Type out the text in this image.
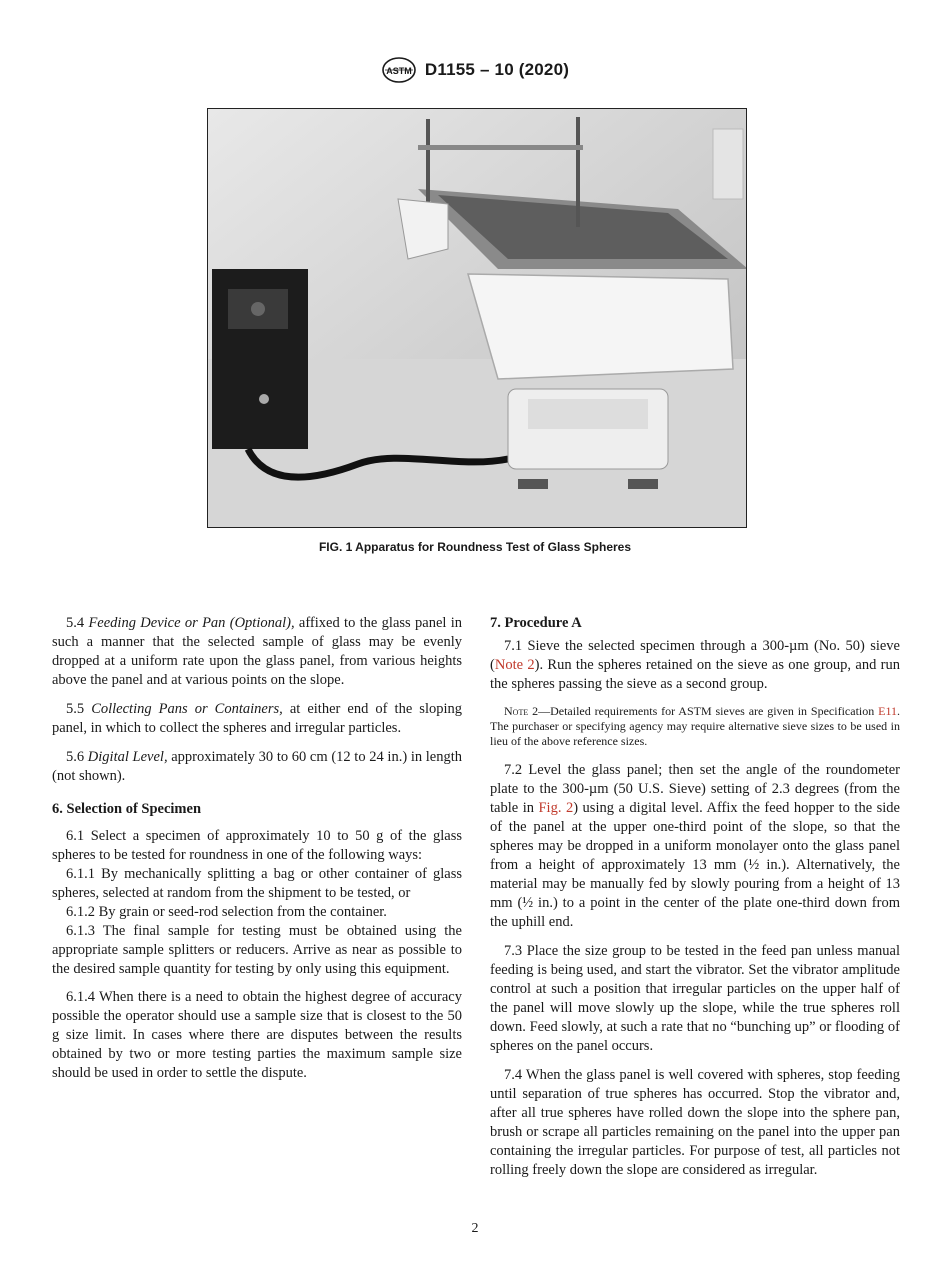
ASTM D1155 – 10 (2020)
FIG. 1 Apparatus for Roundness Test of Glass Spheres

5.4 Feeding Device or Pan (Optional), affixed to the glass panel in such a manner that the selected sample of glass may be evenly dropped at a uniform rate upon the glass panel, from various heights above the panel and at various points on the slope.

5.5 Collecting Pans or Containers, at either end of the sloping panel, in which to collect the spheres and irregular particles.

5.6 Digital Level, approximately 30 to 60 cm (12 to 24 in.) in length (not shown).

6. Selection of Specimen

6.1 Select a specimen of approximately 10 to 50 g of the glass spheres to be tested for roundness in one of the following ways:

6.1.1 By mechanically splitting a bag or other container of glass spheres, selected at random from the shipment to be tested, or

6.1.2 By grain or seed-rod selection from the container.

6.1.3 The final sample for testing must be obtained using the appropriate sample splitters or reducers. Arrive as near as possible to the desired sample quantity for testing by only using this equipment.

6.1.4 When there is a need to obtain the highest degree of accuracy possible the operator should use a sample size that is closest to the 50 g size limit. In cases where there are disputes between the results obtained by two or more testing parties the maximum sample size should be used in order to settle the dispute.

7. Procedure A

7.1 Sieve the selected specimen through a 300-µm (No. 50) sieve (Note 2). Run the spheres retained on the sieve as one group, and run the spheres passing the sieve as a second group.

Note 2—Detailed requirements for ASTM sieves are given in Specification E11. The purchaser or specifying agency may require alternative sieve sizes to be used in lieu of the above reference sizes.

7.2 Level the glass panel; then set the angle of the roundometer plate to the 300-µm (50 U.S. Sieve) setting of 2.3 degrees (from the table in Fig. 2) using a digital level. Affix the feed hopper to the side of the panel at the upper one-third point of the slope, so that the spheres may be dropped in a uniform monolayer onto the glass panel from a height of approximately 13 mm (½ in.). Alternatively, the material may be manually fed by slowly pouring from a height of 13 mm (½ in.) to a point in the center of the plate one-third down from the uphill end.

7.3 Place the size group to be tested in the feed pan unless manual feeding is being used, and start the vibrator. Set the vibrator amplitude control at such a position that irregular particles on the upper half of the panel will move slowly up the slope, while the true spheres roll down. Feed slowly, at such a rate that no “bunching up” or flooding of spheres on the panel occurs.

7.4 When the glass panel is well covered with spheres, stop feeding until separation of true spheres has occurred. Stop the vibrator and, after all true spheres have rolled down the slope into the sphere pan, brush or scrape all particles remaining on the panel into the upper pan containing the irregular particles. For purpose of test, all particles not rolling freely down the slope are considered as irregular.

2
